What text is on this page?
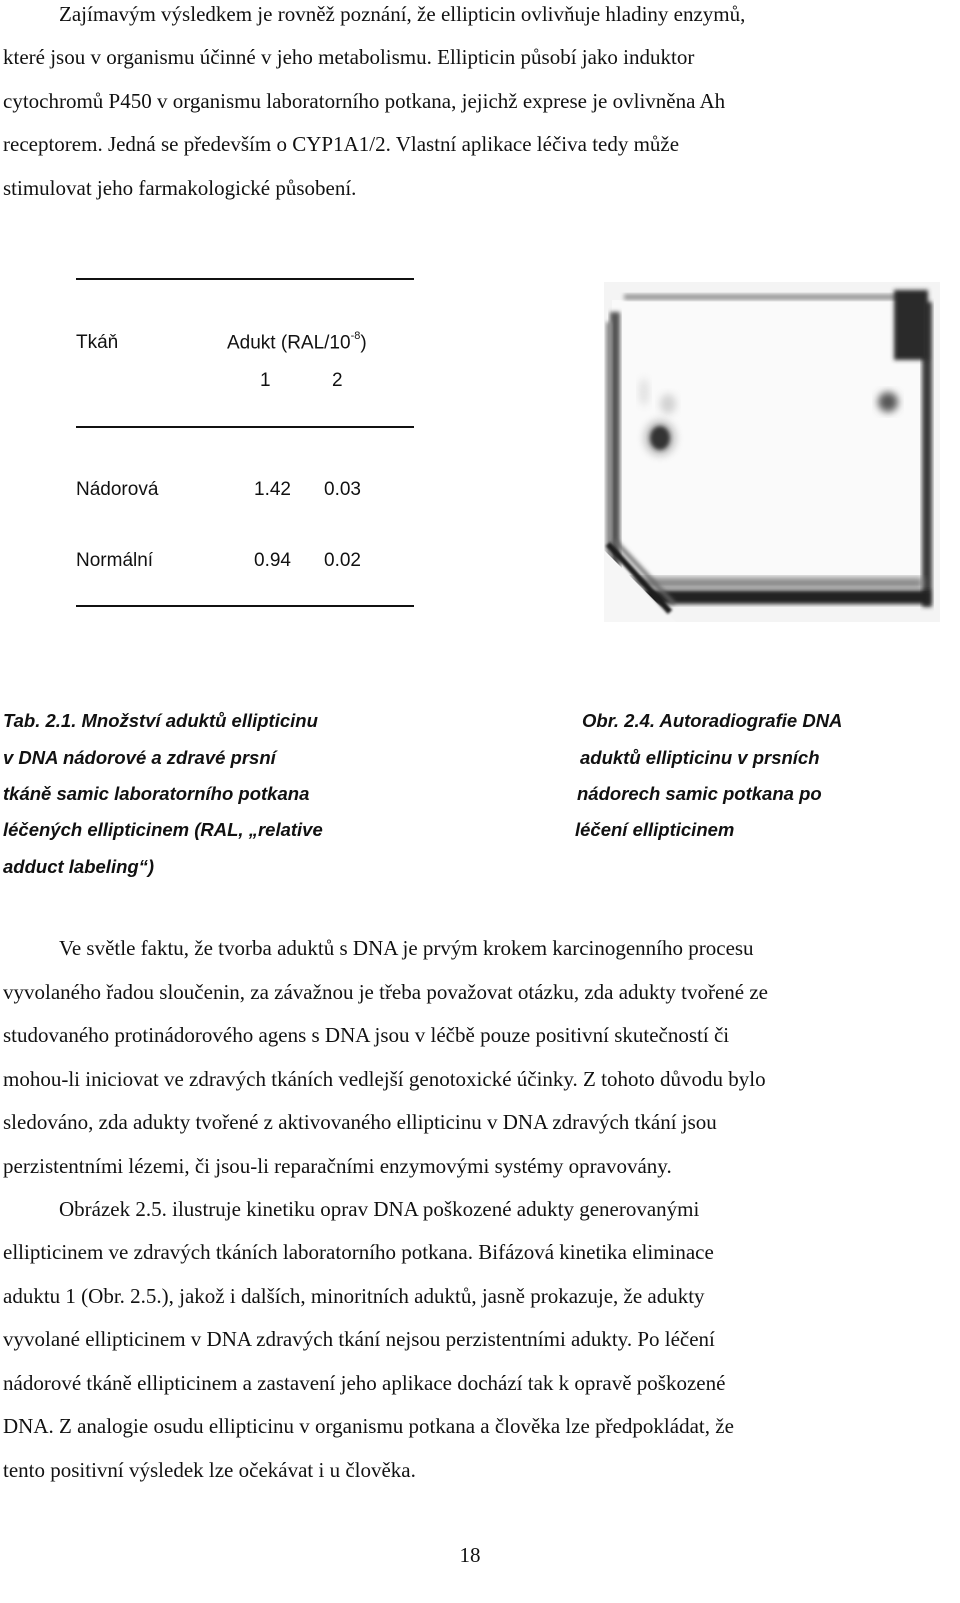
Zajímavým výsledkem je rovněž poznání, že ellipticin ovlivňuje hladiny enzymů,
které jsou v organismu účinné v jeho metabolismu. Ellipticin působí jako induktor
cytochromů P450 v organismu laboratorního potkana, jejichž exprese je ovlivněna Ah
receptorem. Jedná se především o CYP1A1/2. Vlastní aplikace léčiva tedy může
stimulovat jeho farmakologické působení.
Tkáň	Adukt $(RAL/10^{-8})$
1	2
Nádorová	1.42 0.03
Normální	0.94 0.02
Tab. 2.1. Množství aduktů ellipticinu
v DNA nádorové a zdravé prsní
tkáně samic laboratorního potkana
léčených ellipticinem (RAL, „relative
adduct labeling“)
Obr. 2.4. Autoradiografie DNA
aduktů ellipticinu v prsních
nádorech samic potkana po
léčení ellipticinem
Ve světle faktu, že tvorba aduktů s DNA je prvým krokem karcinogenního procesu
vyvolaného řadou sloučenin, za závažnou je třeba považovat otázku, zda adukty tvořené ze
studovaného protinádorového agens s DNA jsou v léčbě pouze positivní skutečností či
mohou-li iniciovat ve zdravých tkáních vedlejší genotoxické účinky. Z tohoto důvodu bylo
sledováno, zda adukty tvořené z aktivovaného ellipticinu v DNA zdravých tkání jsou
perzistentními lézemi, či jsou-li reparačními enzymovými systémy opravovány.
Obrázek 2.5. ilustruje kinetiku oprav DNA poškozené adukty generovanými
ellipticinem ve zdravých tkáních laboratorního potkana. Bifázová kinetika eliminace
aduktu 1 (Obr. 2.5.), jakož i dalších, minoritních aduktů, jasně prokazuje, že adukty
vyvolané ellipticinem v DNA zdravých tkání nejsou perzistentními adukty. Po léčení
nádorové tkáně ellipticinem a zastavení jeho aplikace dochází tak k opravě poškozené
DNA. Z analogie osudu ellipticinu v organismu potkana a člověka lze předpokládat, že
tento positivní výsledek lze očekávat i u člověka.
18
